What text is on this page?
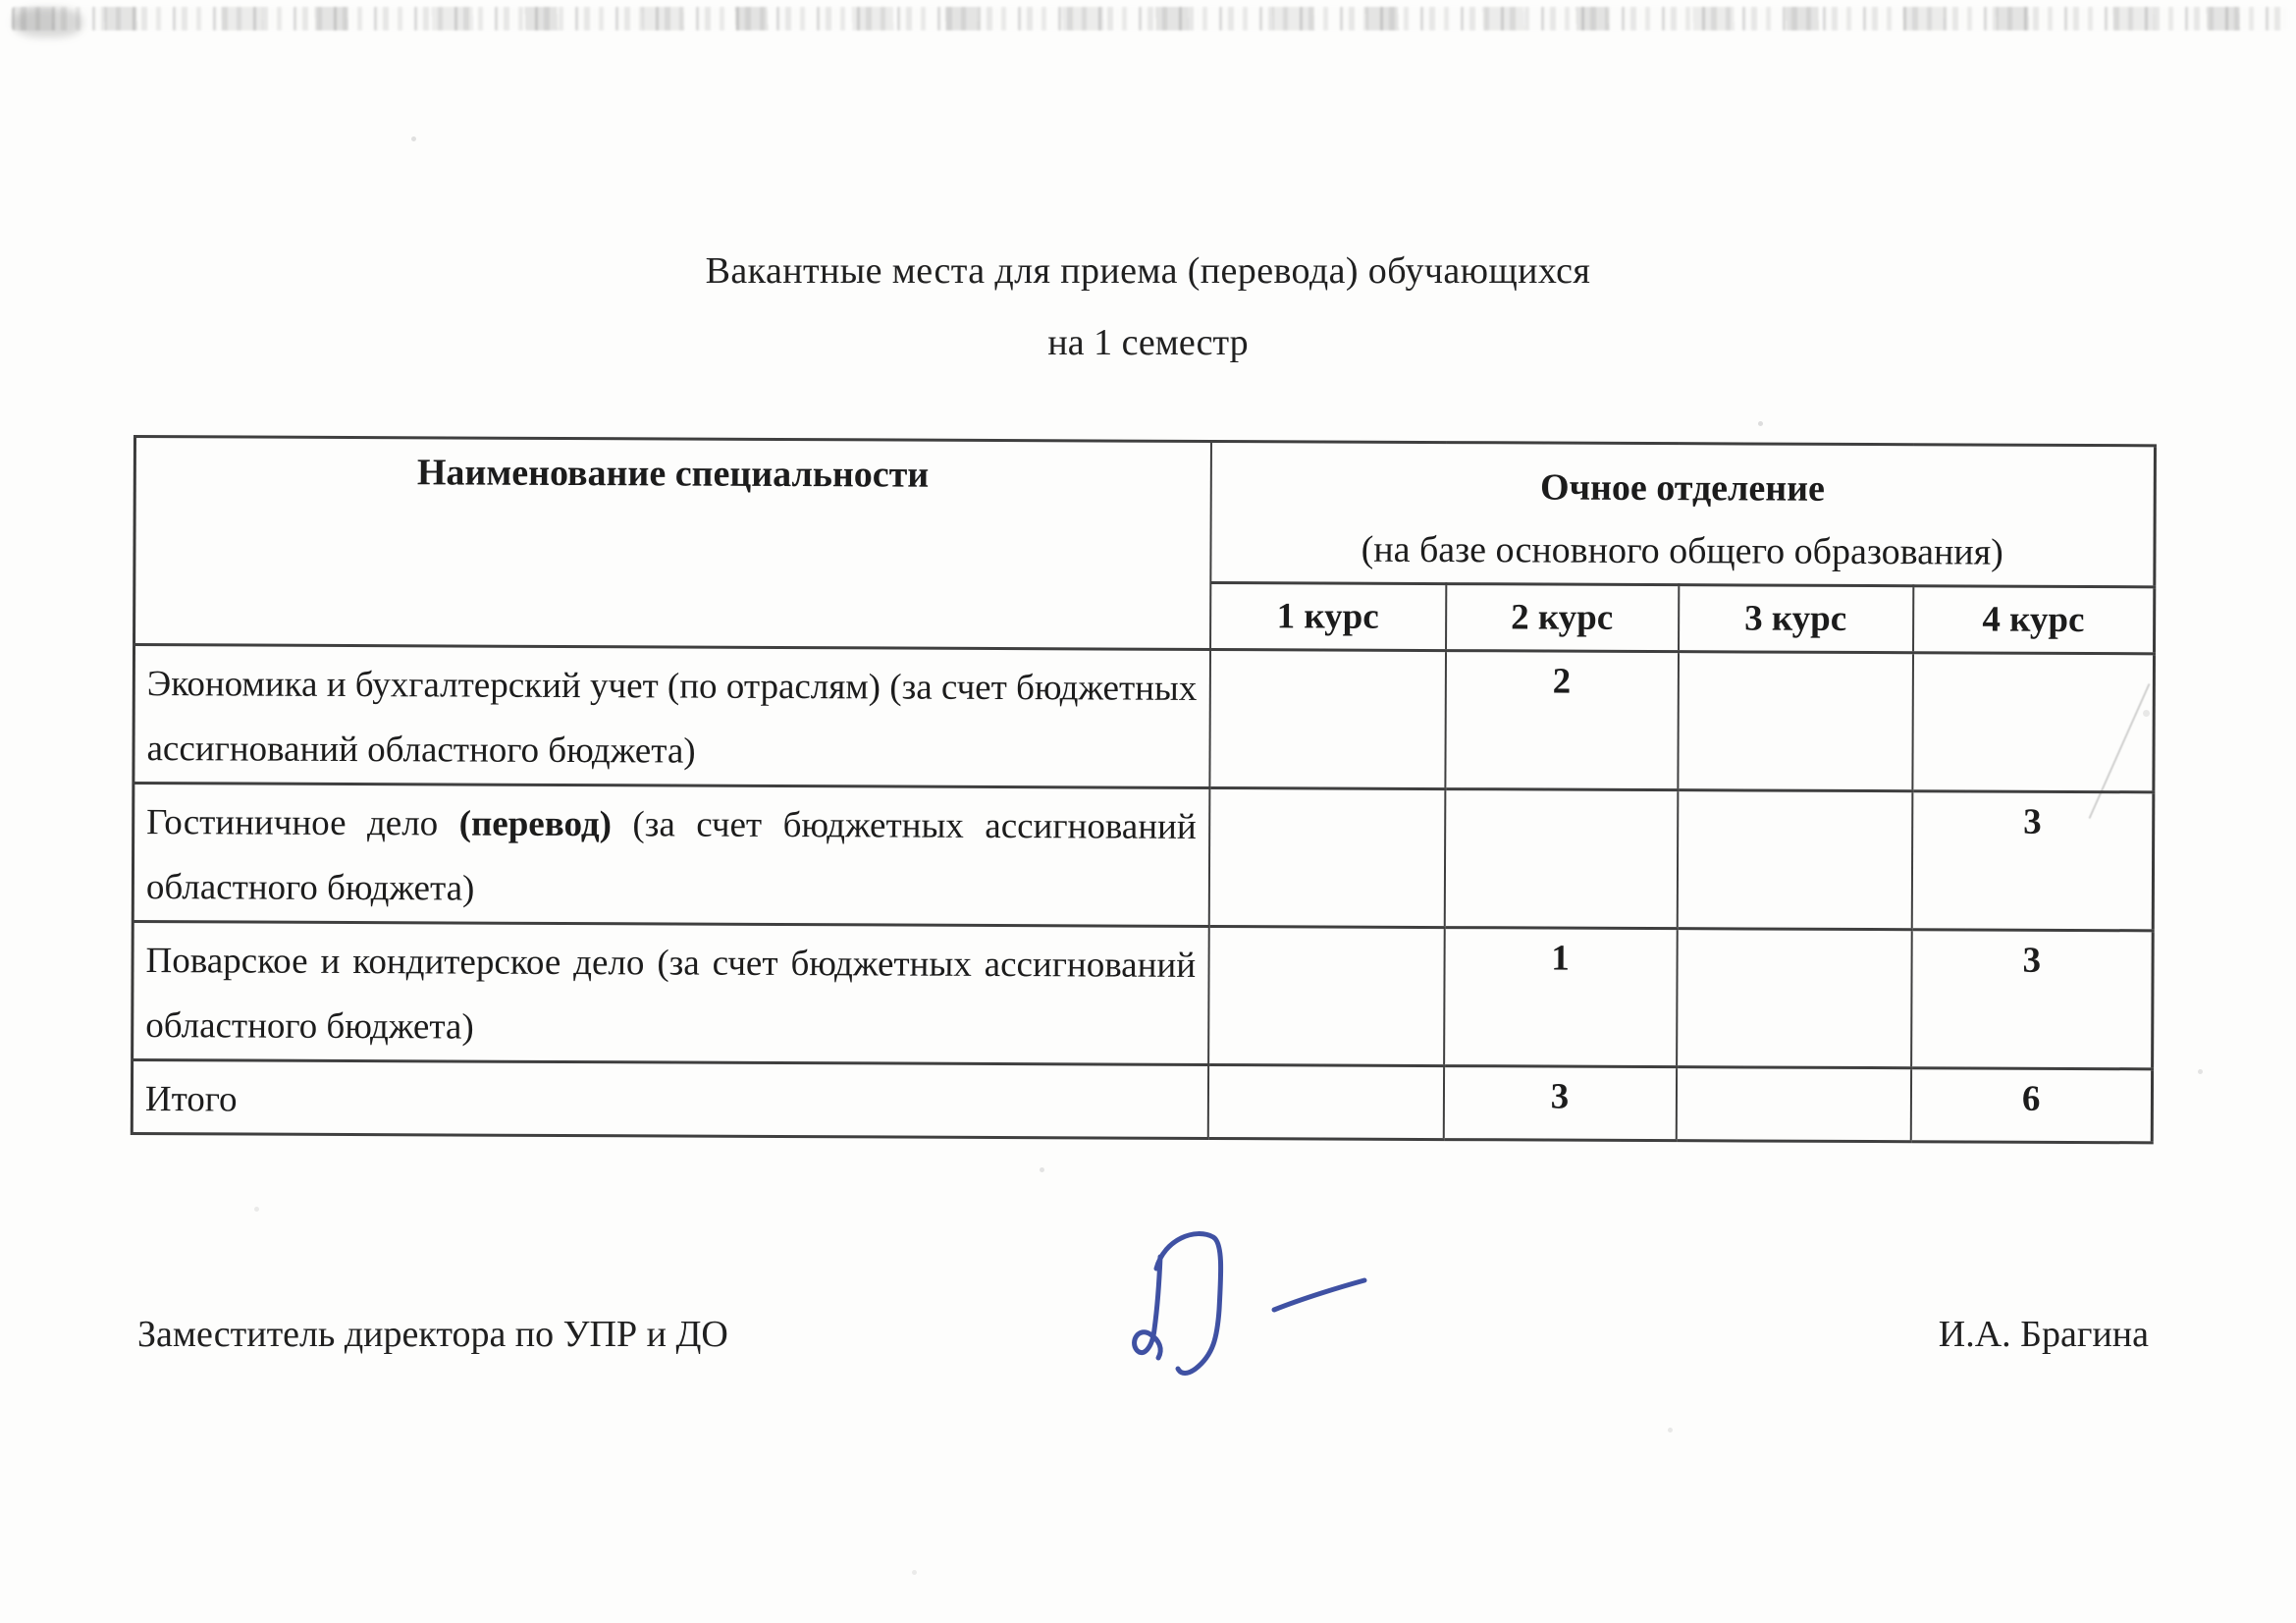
Вакантные места для приема (перевода) обучающихся
на 1 семестр
Наименование специальности	Очное отделение
(на базе основного общего образования)			

	1 курс	2 курс	3 курс	4 курс
Экономика и бухгалтерский учет (по отраслям) (за счет бюджетных ассигнований областного бюджета)		2		
Гостиничное дело (перевод) (за счет бюджетных ассигнований областного бюджета)				3
Поварское и кондитерское дело (за счет бюджетных ассигнований областного бюджета)		1		3
Итого		3		6
Заместитель директора по УПР и ДО	И.А. Брагина
